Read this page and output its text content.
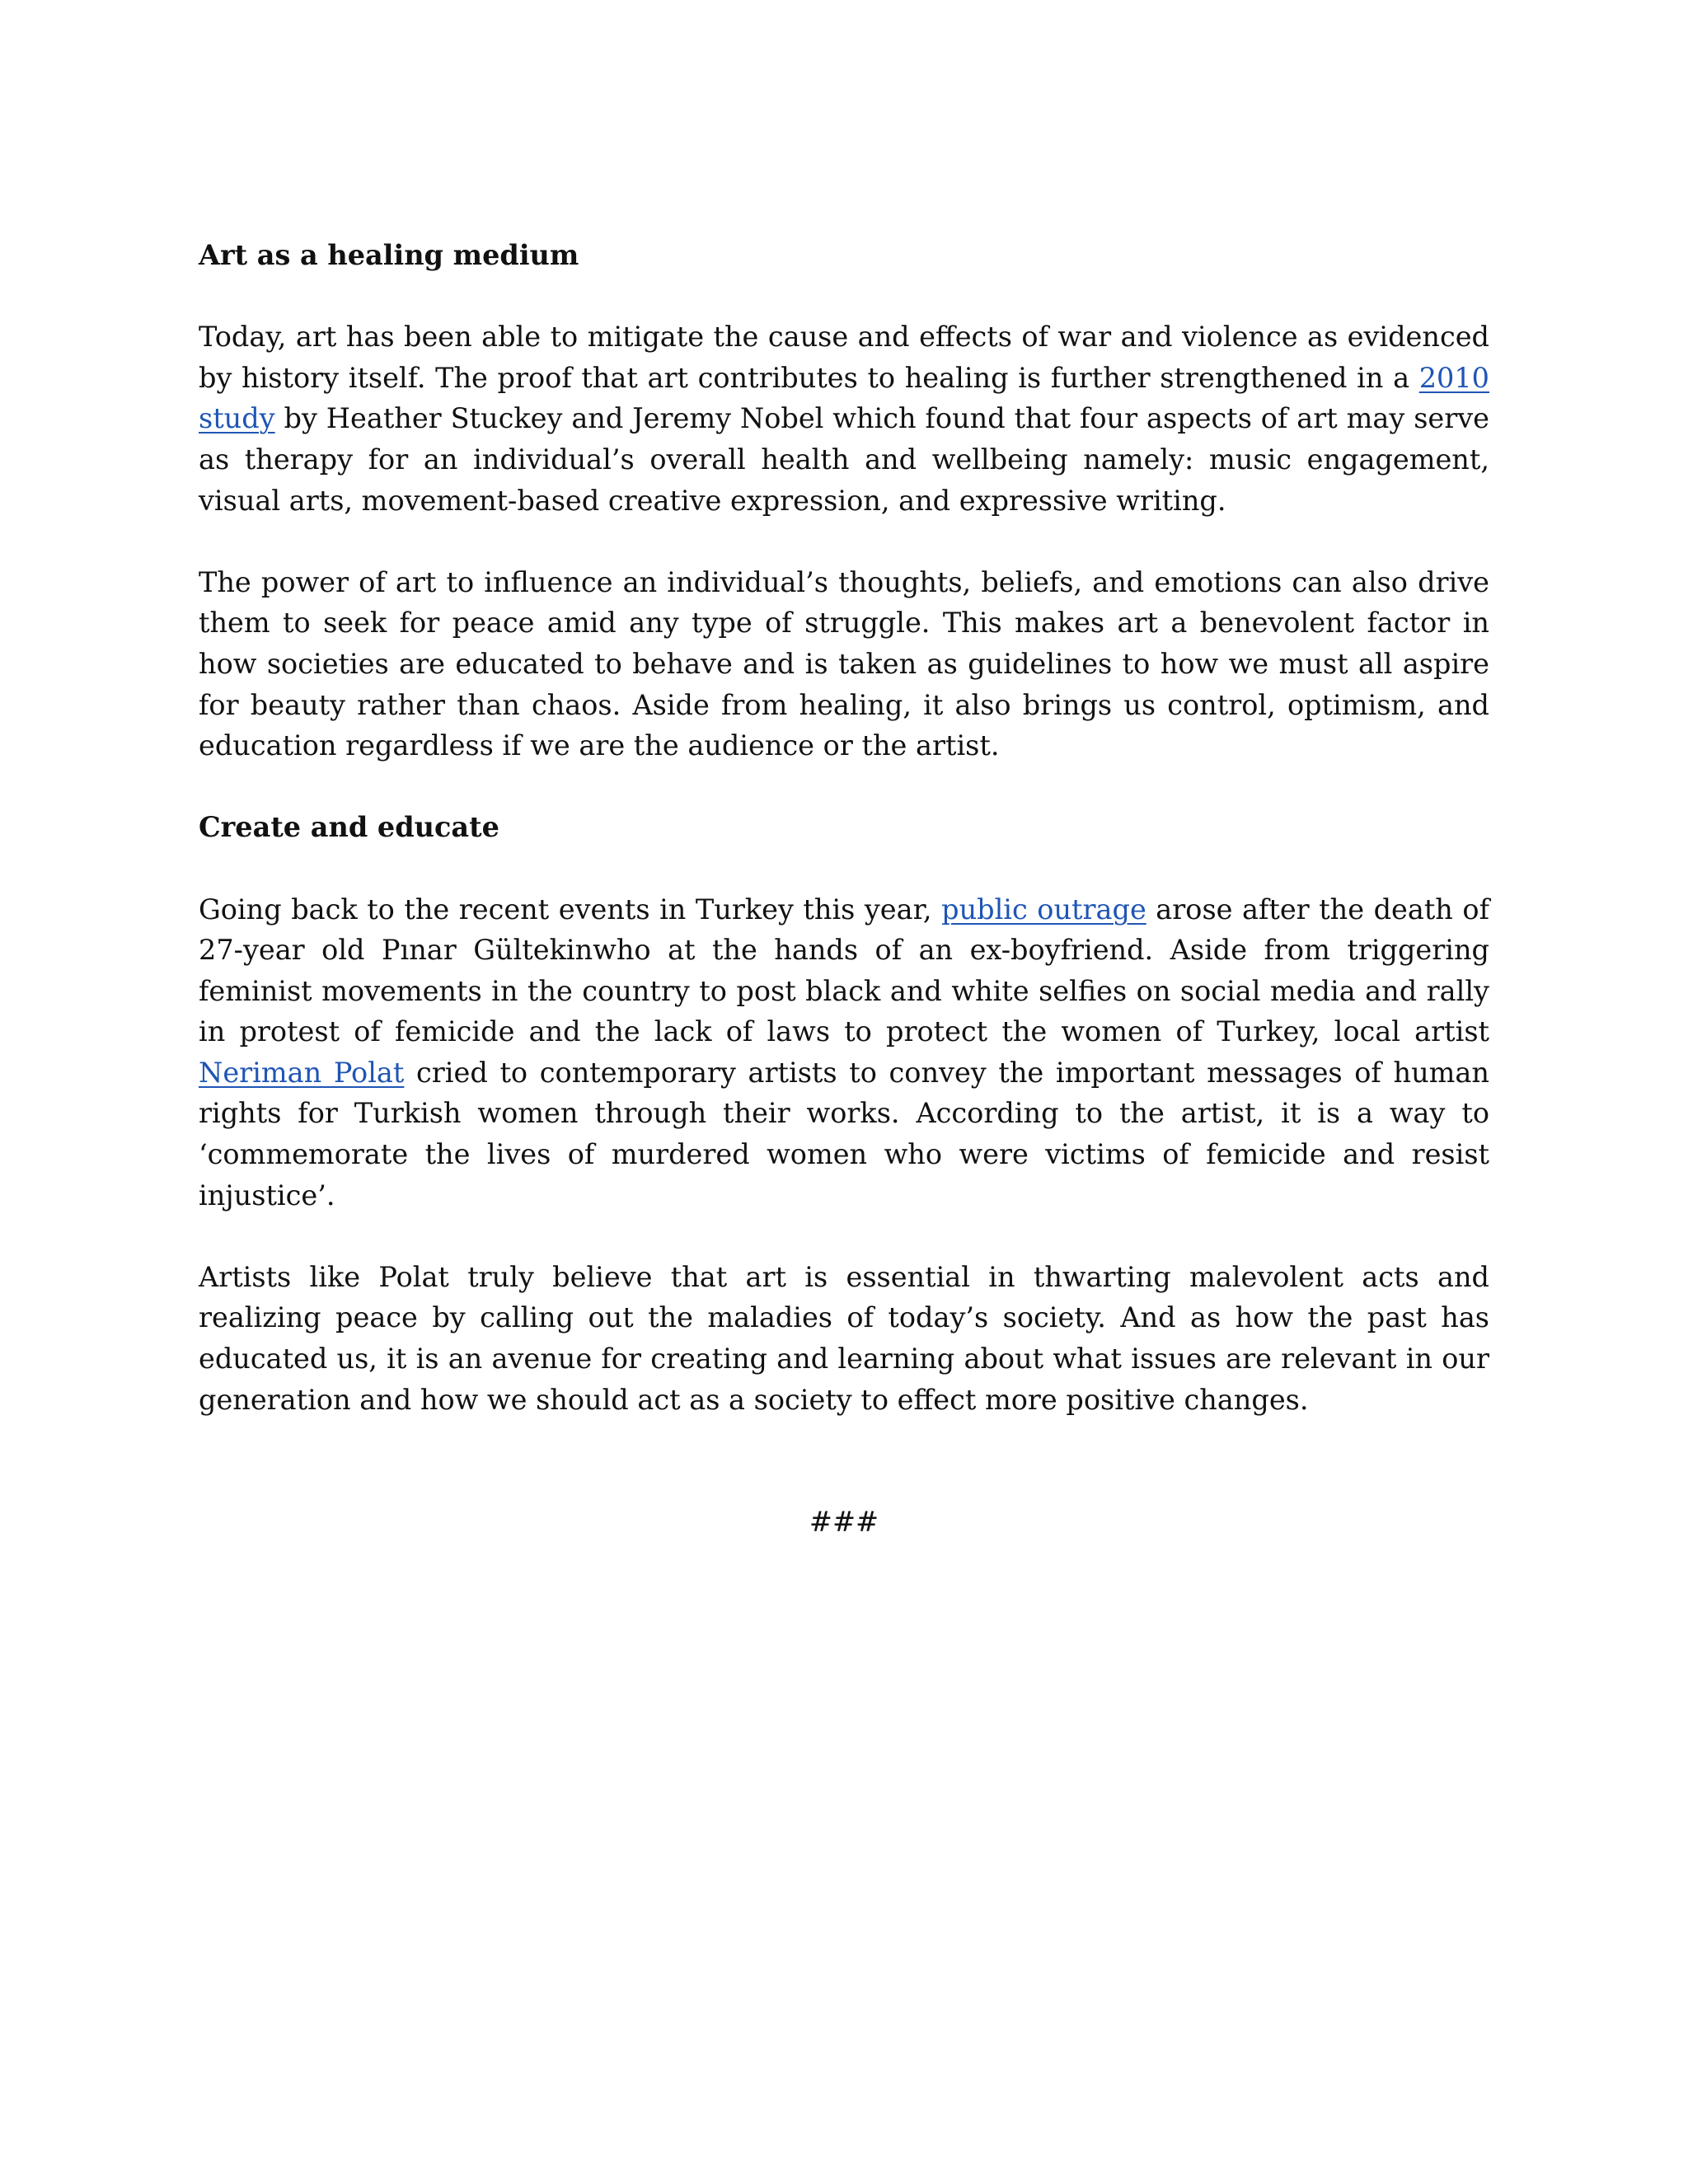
Art as a healing medium

Today, art has been able to mitigate the cause and effects of war and violence as evidenced by history itself. The proof that art contributes to healing is further strengthened in a 2010 study by Heather Stuckey and Jeremy Nobel which found that four aspects of art may serve as therapy for an individual’s overall health and wellbeing namely: music engagement, visual arts, movement-based creative expression, and expressive writing.

The power of art to influence an individual’s thoughts, beliefs, and emotions can also drive them to seek for peace amid any type of struggle. This makes art a benevolent factor in how societies are educated to behave and is taken as guidelines to how we must all aspire for beauty rather than chaos. Aside from healing, it also brings us control, optimism, and education regardless if we are the audience or the artist.

Create and educate

Going back to the recent events in Turkey this year, public outrage arose after the death of 27-year old Pınar Gültekinwho at the hands of an ex-boyfriend. Aside from triggering feminist movements in the country to post black and white selfies on social media and rally in protest of femicide and the lack of laws to protect the women of Turkey, local artist Neriman Polat cried to contemporary artists to convey the important messages of human rights for Turkish women through their works. According to the artist, it is a way to ‘commemorate the lives of murdered women who were victims of femicide and resist injustice’.

Artists like Polat truly believe that art is essential in thwarting malevolent acts and realizing peace by calling out the maladies of today’s society. And as how the past has educated us, it is an avenue for creating and learning about what issues are relevant in our generation and how we should act as a society to effect more positive changes.

###
